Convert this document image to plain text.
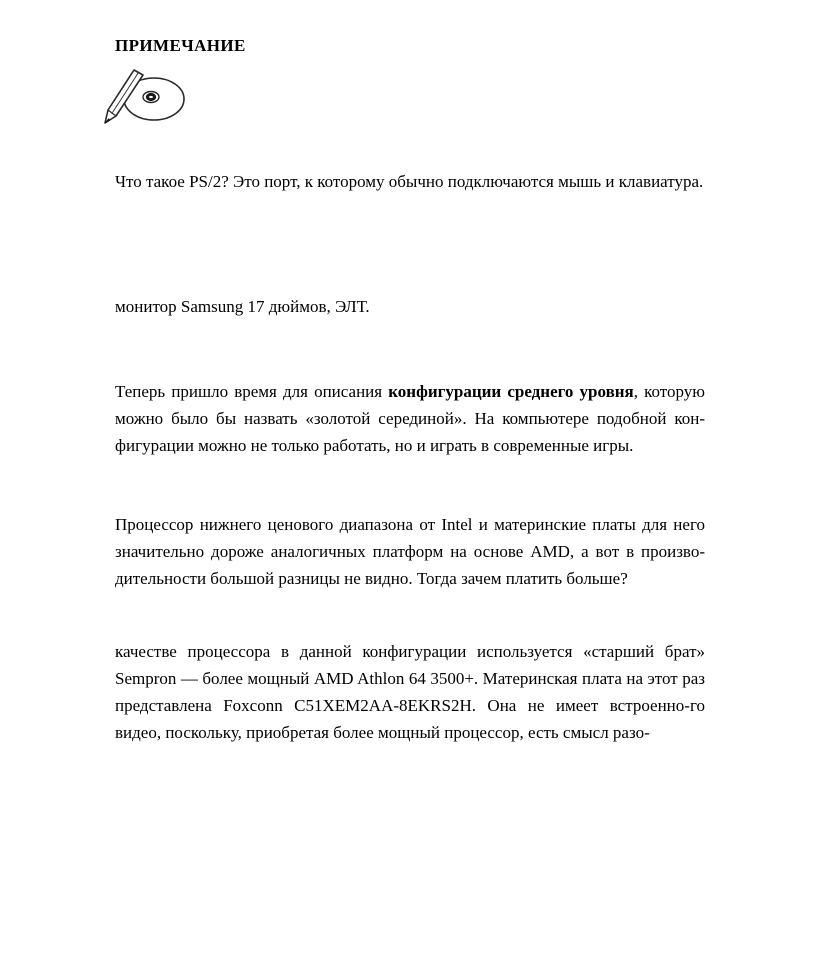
ПРИМЕЧАНИЕ

Что такое PS/2? Это порт, к которому обычно подключаются мышь и клавиатура.

монитор Samsung 17 дюймов, ЭЛТ.

Теперь пришло время для описания конфигурации среднего уровня, которую можно было бы назвать «золотой серединой». На компьютере подобной кон-фигурации можно не только работать, но и играть в современные игры.

Процессор нижнего ценового диапазона от Intel и материнские платы для него значительно дороже аналогичных платформ на основе AMD, а вот в произво-дительности большой разницы не видно. Тогда зачем платить больше?

качестве процессора в данной конфигурации используется «старший брат» Sempron — более мощный AMD Athlon 64 3500+. Материнская плата на этот раз представлена Foxconn C51XEM2AA-8EKRS2H. Она не имеет встроенно-го видео, поскольку, приобретая более мощный процессор, есть смысл разо-
